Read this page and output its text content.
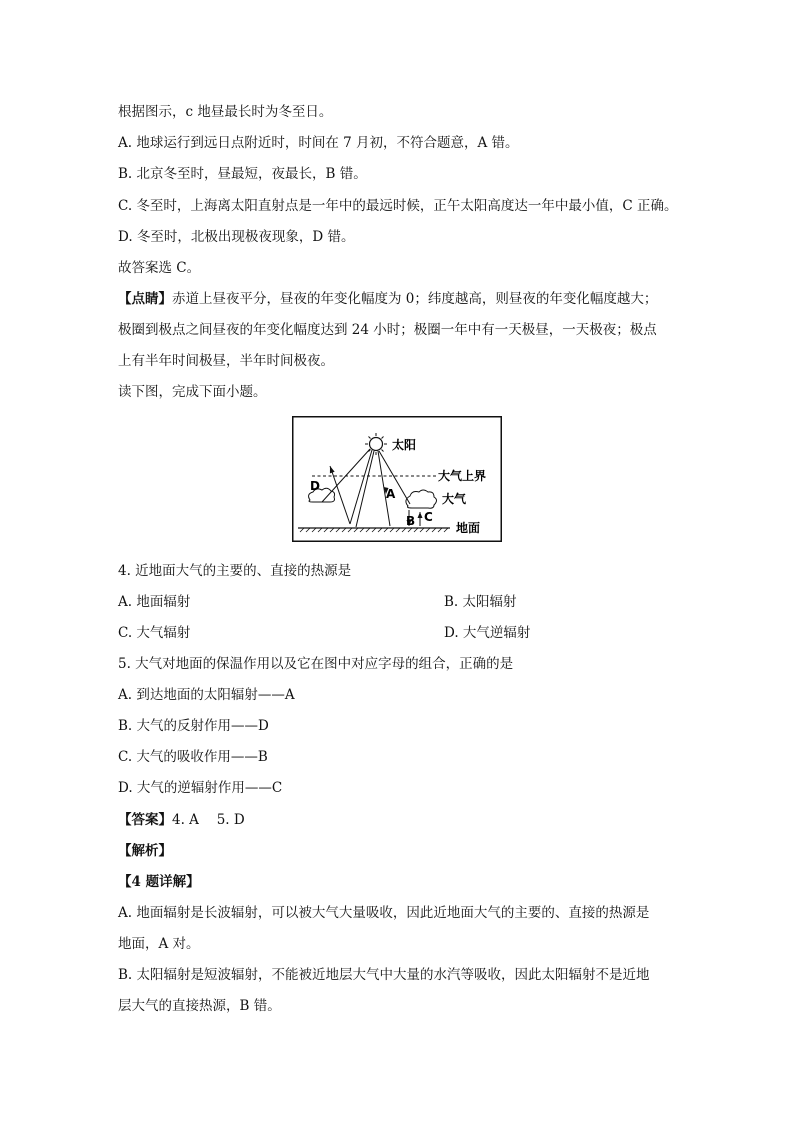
根据图示，c 地昼最长时为冬至日。
A. 地球运行到远日点附近时，时间在 7 月初，不符合题意，A 错。
B. 北京冬至时，昼最短，夜最长，B 错。
C. 冬至时，上海离太阳直射点是一年中的最远时候，正午太阳高度达一年中最小值，C 正确。
D. 冬至时，北极出现极夜现象，D 错。
故答案选 C。
【点睛】赤道上昼夜平分，昼夜的年变化幅度为 0；纬度越高，则昼夜的年变化幅度越大；
极圈到极点之间昼夜的年变化幅度达到 24 小时；极圈一年中有一天极昼，一天极夜；极点
上有半年时间极昼，半年时间极夜。
读下图，完成下面小题。
太阳
大气上界
地面
大气
D
A
B C
4. 近地面大气的主要的、直接的热源是
A. 地面辐射	B. 太阳辐射
C. 大气辐射	D. 大气逆辐射
5. 大气对地面的保温作用以及它在图中对应字母的组合，正确的是
A. 到达地面的太阳辐射——A
B. 大气的反射作用——D
C. 大气的吸收作用——B
D. 大气的逆辐射作用——C
【答案】4. A　 5. D
【解析】
【4 题详解】
A. 地面辐射是长波辐射，可以被大气大量吸收，因此近地面大气的主要的、直接的热源是
地面，A 对。
B. 太阳辐射是短波辐射，不能被近地层大气中大量的水汽等吸收，因此太阳辐射不是近地
层大气的直接热源，B 错。
